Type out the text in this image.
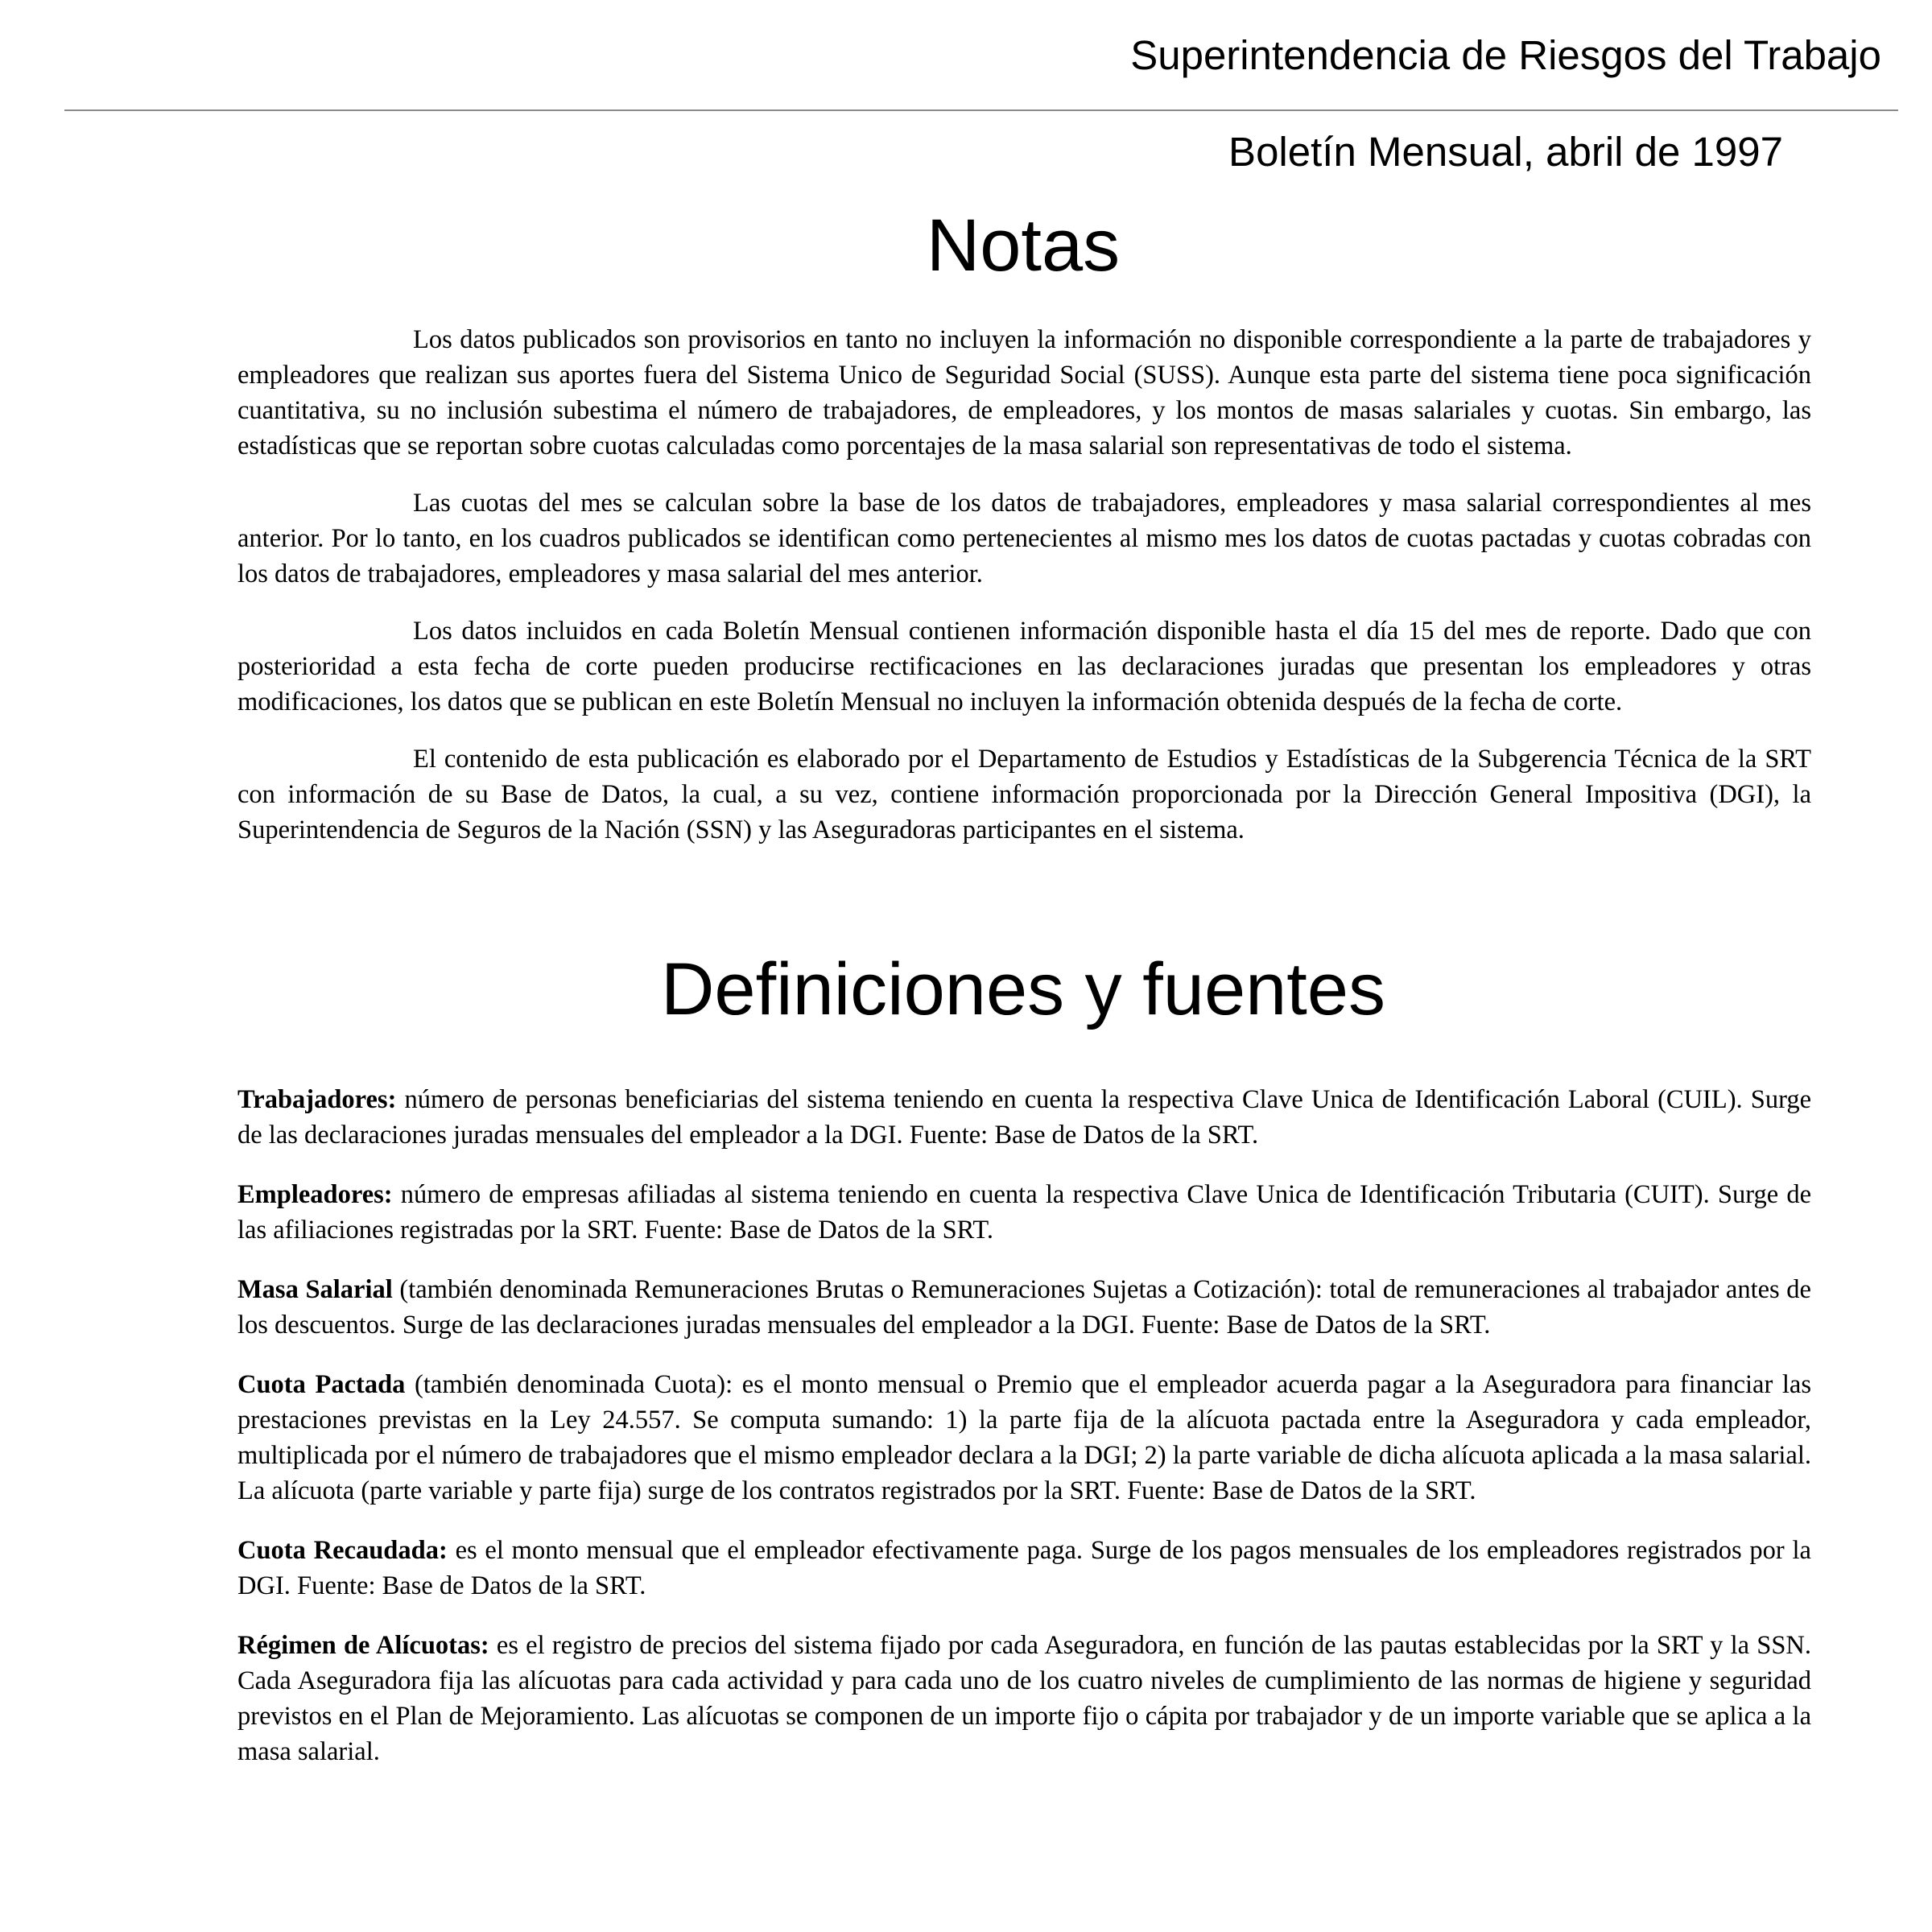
Superintendencia de Riesgos del Trabajo
Boletín Mensual, abril de 1997
Notas

Los datos publicados son provisorios en tanto no incluyen la información no disponible correspondiente a la parte de trabajadores y empleadores que realizan sus aportes fuera del Sistema Unico de Seguridad Social (SUSS). Aunque esta parte del sistema tiene poca significación cuantitativa, su no inclusión subestima el número de trabajadores, de empleadores, y los montos de masas salariales y cuotas. Sin embargo, las estadísticas que se reportan sobre cuotas calculadas como porcentajes de la masa salarial son representativas de todo el sistema.

Las cuotas del mes se calculan sobre la base de los datos de trabajadores, empleadores y masa salarial correspondientes al mes anterior. Por lo tanto, en los cuadros publicados se identifican como pertenecientes al mismo mes los datos de cuotas pactadas y cuotas cobradas con los datos de trabajadores, empleadores y masa salarial del mes anterior.

Los datos incluidos en cada Boletín Mensual contienen información disponible hasta el día 15 del mes de reporte. Dado que con posterioridad a esta fecha de corte pueden producirse rectificaciones en las declaraciones juradas que presentan los empleadores y otras modificaciones, los datos que se publican en este Boletín Mensual no incluyen la información obtenida después de la fecha de corte.

El contenido de esta publicación es elaborado por el Departamento de Estudios y Estadísticas de la Subgerencia Técnica de la SRT con información de su Base de Datos, la cual, a su vez, contiene información proporcionada por la Dirección General Impositiva (DGI), la Superintendencia de Seguros de la Nación (SSN) y las Aseguradoras participantes en el sistema.

Definiciones y fuentes

Trabajadores: número de personas beneficiarias del sistema teniendo en cuenta la respectiva Clave Unica de Identificación Laboral (CUIL). Surge de las declaraciones juradas mensuales del empleador a la DGI. Fuente: Base de Datos de la SRT.

Empleadores: número de empresas afiliadas al sistema teniendo en cuenta la respectiva Clave Unica de Identificación Tributaria (CUIT). Surge de las afiliaciones registradas por la SRT. Fuente: Base de Datos de la SRT.

Masa Salarial (también denominada Remuneraciones Brutas o Remuneraciones Sujetas a Cotización): total de remuneraciones al trabajador antes de los descuentos. Surge de las declaraciones juradas mensuales del empleador a la DGI. Fuente: Base de Datos de la SRT.

Cuota Pactada (también denominada Cuota): es el monto mensual o Premio que el empleador acuerda pagar a la Aseguradora para financiar las prestaciones previstas en la Ley 24.557. Se computa sumando: 1) la parte fija de la alícuota pactada entre la Aseguradora y cada empleador, multiplicada por el número de trabajadores que el mismo empleador declara a la DGI; 2) la parte variable de dicha alícuota aplicada a la masa salarial. La alícuota (parte variable y parte fija) surge de los contratos registrados por la SRT. Fuente: Base de Datos de la SRT.

Cuota Recaudada: es el monto mensual que el empleador efectivamente paga. Surge de los pagos mensuales de los empleadores registrados por la DGI. Fuente: Base de Datos de la SRT.

Régimen de Alícuotas: es el registro de precios del sistema fijado por cada Aseguradora, en función de las pautas establecidas por la SRT y la SSN. Cada Aseguradora fija las alícuotas para cada actividad y para cada uno de los cuatro niveles de cumplimiento de las normas de higiene y seguridad previstos en el Plan de Mejoramiento. Las alícuotas se componen de un importe fijo o cápita por trabajador y de un importe variable que se aplica a la masa salarial.
